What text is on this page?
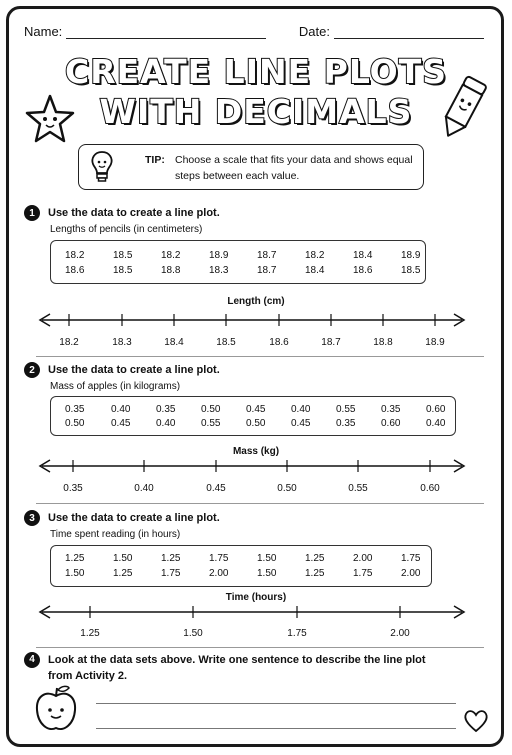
Name:	Date:
CREATE LINE PLOTS
WITH DECIMALS
TIP: Choose a scale that fits your data and shows equal steps between each value.
1	Use the data to create a line plot.
Lengths of pencils (in centimeters)
18.2	18.5	18.2	18.9	18.7	18.2	18.4	18.9
18.6	18.5	18.8	18.3	18.7	18.4	18.6	18.5
Length (cm)
18.2	18.3	18.4	18.5	18.6	18.7	18.8	18.9
2	Use the data to create a line plot.
Mass of apples (in kilograms)
0.35	0.40	0.35	0.50	0.45	0.40	0.55	0.35	0.60
0.50	0.45	0.40	0.55	0.50	0.45	0.35	0.60	0.40
Mass (kg)
0.35	0.40	0.45	0.50	0.55	0.60
3	Use the data to create a line plot.
Time spent reading (in hours)
1.25	1.50	1.25	1.75	1.50	1.25	2.00	1.75
1.50	1.25	1.75	2.00	1.50	1.25	1.75	2.00
Time (hours)
1.25	1.50	1.75	2.00
4 Look at the data sets above. Write one sentence to describe the line plot
from Activity 2.
